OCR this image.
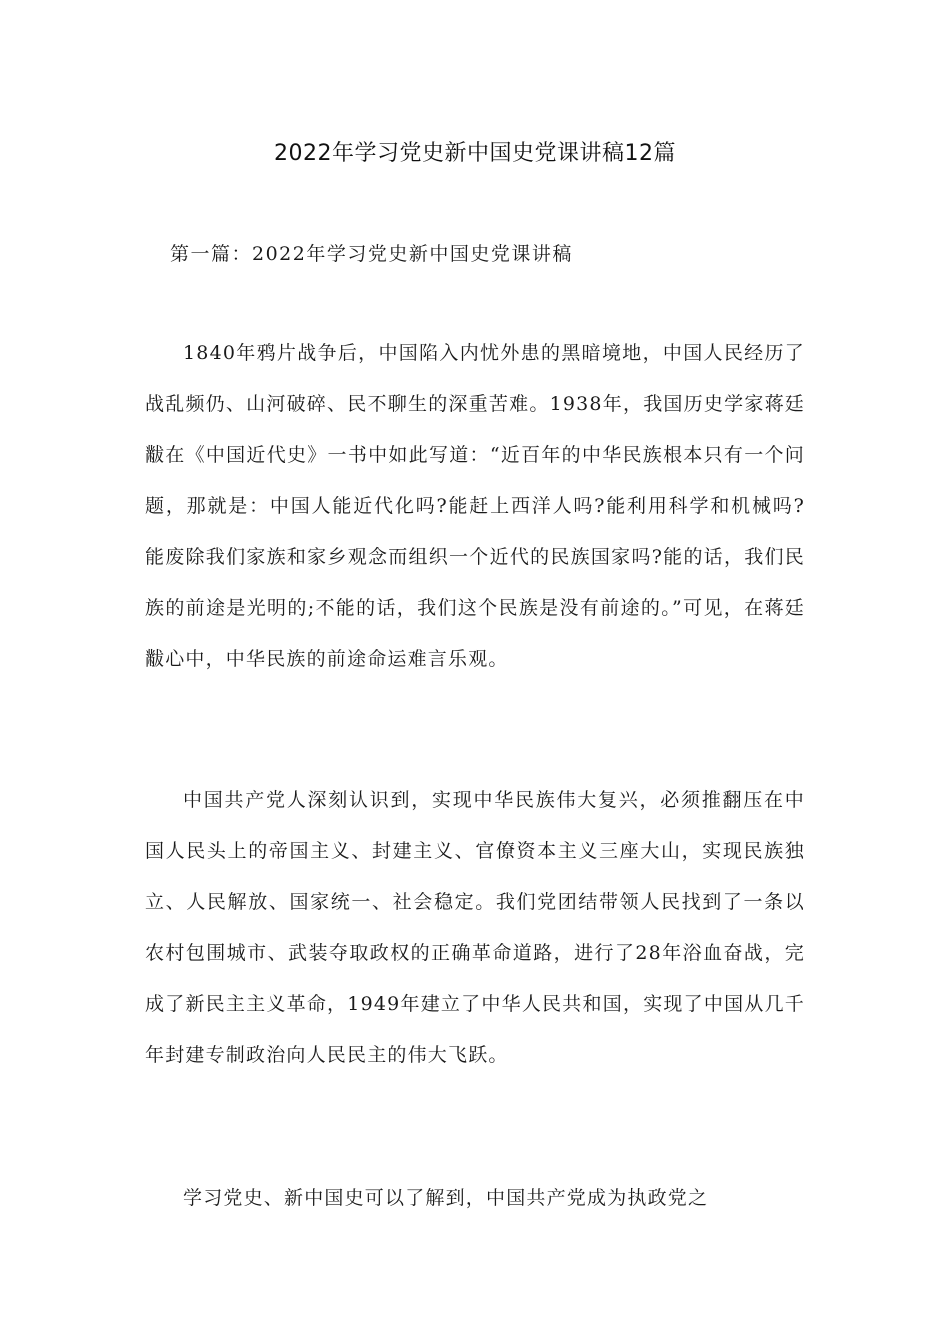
2022年学习党史新中国史党课讲稿12篇
第一篇：2022年学习党史新中国史党课讲稿

1840年鸦片战争后，中国陷入内忧外患的黑暗境地，中国人民经历了战乱频仍、山河破碎、民不聊生的深重苦难。1938年，我国历史学家蒋廷黻在《中国近代史》一书中如此写道：“近百年的中华民族根本只有一个问题，那就是：中国人能近代化吗?能赶上西洋人吗?能利用科学和机械吗?能废除我们家族和家乡观念而组织一个近代的民族国家吗?能的话，我们民族的前途是光明的;不能的话，我们这个民族是没有前途的。”可见，在蒋廷黻心中，中华民族的前途命运难言乐观。

中国共产党人深刻认识到，实现中华民族伟大复兴，必须推翻压在中国人民头上的帝国主义、封建主义、官僚资本主义三座大山，实现民族独立、人民解放、国家统一、社会稳定。我们党团结带领人民找到了一条以农村包围城市、武装夺取政权的正确革命道路，进行了28年浴血奋战，完成了新民主主义革命，1949年建立了中华人民共和国，实现了中国从几千年封建专制政治向人民民主的伟大飞跃。

学习党史、新中国史可以了解到，中国共产党成为执政党之
